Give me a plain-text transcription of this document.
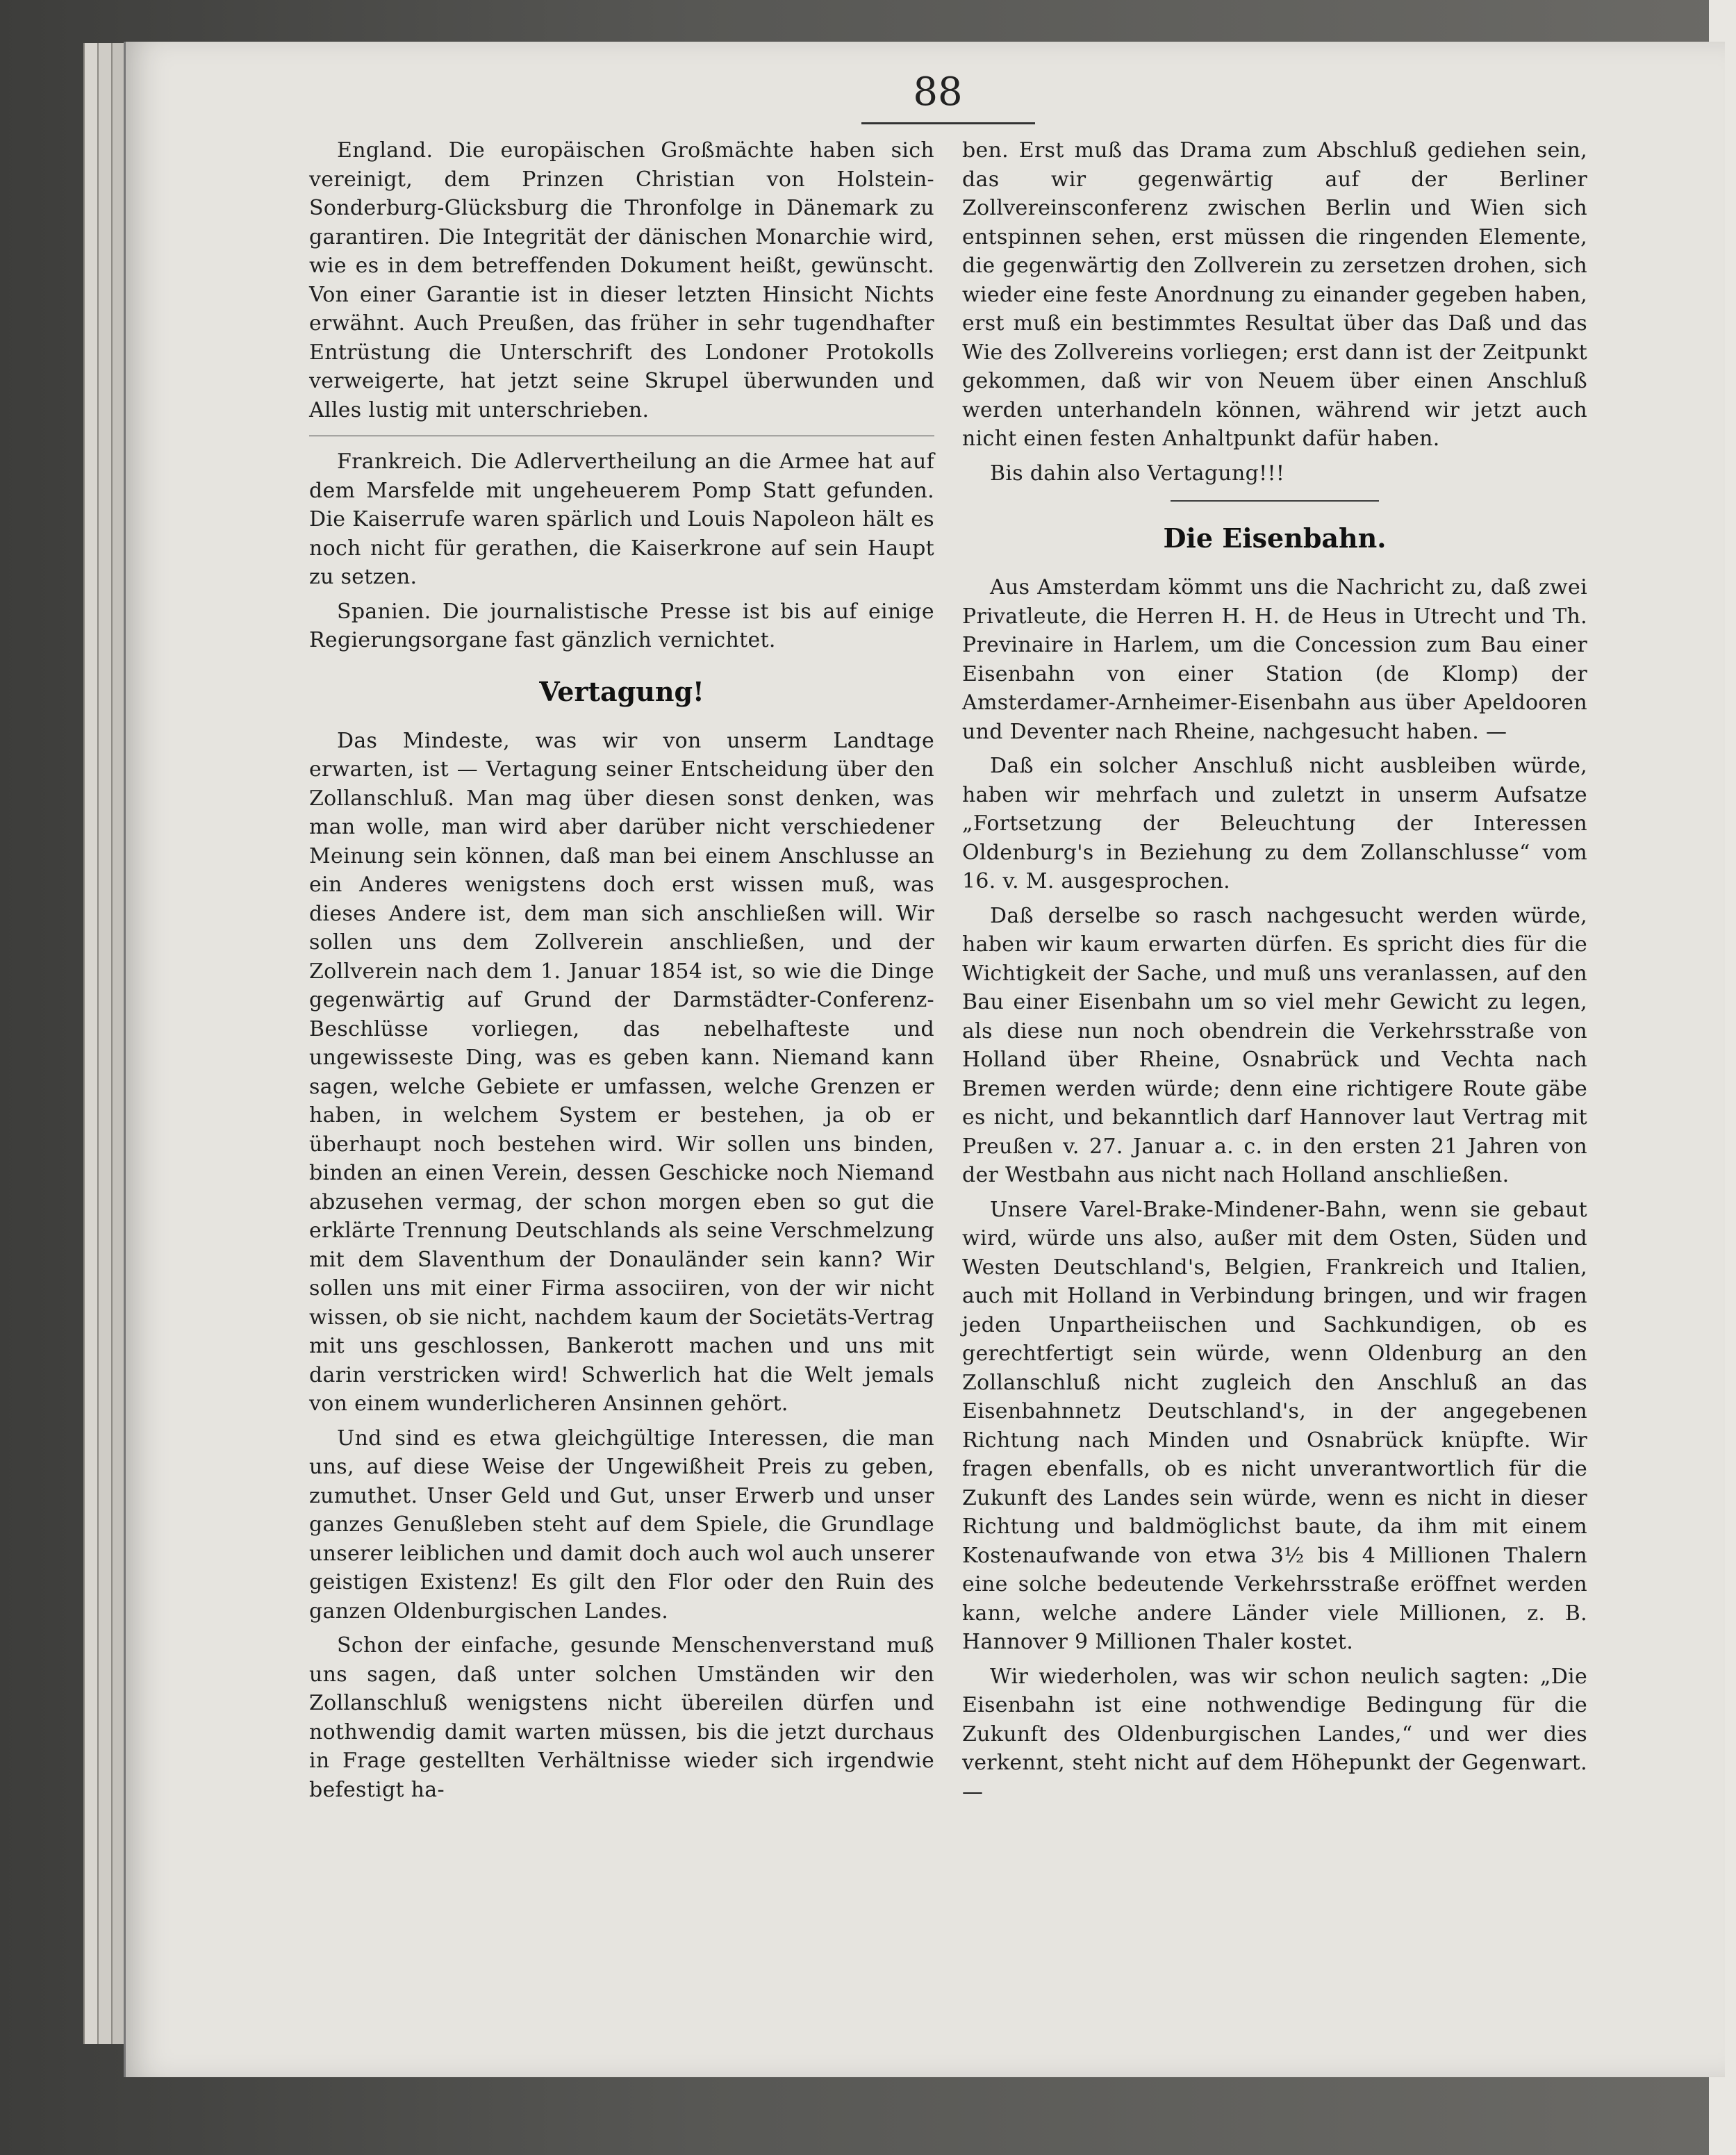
88

England. Die europäischen Großmächte haben sich vereinigt, dem Prinzen Christian von Holstein-Sonderburg-Glücksburg die Thronfolge in Dänemark zu garantiren. Die Integrität der dänischen Monarchie wird, wie es in dem betreffenden Dokument heißt, gewünscht. Von einer Garantie ist in dieser letzten Hinsicht Nichts erwähnt. Auch Preußen, das früher in sehr tugendhafter Entrüstung die Unterschrift des Londoner Protokolls verweigerte, hat jetzt seine Skrupel überwunden und Alles lustig mit unterschrieben.

Frankreich. Die Adlervertheilung an die Armee hat auf dem Marsfelde mit ungeheuerem Pomp Statt gefunden. Die Kaiserrufe waren spärlich und Louis Napoleon hält es noch nicht für gerathen, die Kaiserkrone auf sein Haupt zu setzen.

Spanien. Die journalistische Presse ist bis auf einige Regierungsorgane fast gänzlich vernichtet.

Vertagung!

Das Mindeste, was wir von unserm Landtage erwarten, ist — Vertagung seiner Entscheidung über den Zollanschluß. Man mag über diesen sonst denken, was man wolle, man wird aber darüber nicht verschiedener Meinung sein können, daß man bei einem Anschlusse an ein Anderes wenigstens doch erst wissen muß, was dieses Andere ist, dem man sich anschließen will. Wir sollen uns dem Zollverein anschließen, und der Zollverein nach dem 1. Januar 1854 ist, so wie die Dinge gegenwärtig auf Grund der Darmstädter-Conferenz-Beschlüsse vorliegen, das nebelhafteste und ungewisseste Ding, was es geben kann. Niemand kann sagen, welche Gebiete er umfassen, welche Grenzen er haben, in welchem System er bestehen, ja ob er überhaupt noch bestehen wird. Wir sollen uns binden, binden an einen Verein, dessen Geschicke noch Niemand abzusehen vermag, der schon morgen eben so gut die erklärte Trennung Deutschlands als seine Verschmelzung mit dem Slaventhum der Donauländer sein kann? Wir sollen uns mit einer Firma associiren, von der wir nicht wissen, ob sie nicht, nachdem kaum der Societäts-Vertrag mit uns geschlossen, Bankerott machen und uns mit darin verstricken wird! Schwerlich hat die Welt jemals von einem wunderlicheren Ansinnen gehört.

Und sind es etwa gleichgültige Interessen, die man uns, auf diese Weise der Ungewißheit Preis zu geben, zumuthet. Unser Geld und Gut, unser Erwerb und unser ganzes Genußleben steht auf dem Spiele, die Grundlage unserer leiblichen und damit doch auch wol auch unserer geistigen Existenz! Es gilt den Flor oder den Ruin des ganzen Oldenburgischen Landes.

Schon der einfache, gesunde Menschenverstand muß uns sagen, daß unter solchen Umständen wir den Zollanschluß wenigstens nicht übereilen dürfen und nothwendig damit warten müssen, bis die jetzt durchaus in Frage gestellten Verhältnisse wieder sich irgendwie befestigt ha-

ben. Erst muß das Drama zum Abschluß gediehen sein, das wir gegenwärtig auf der Berliner Zollvereinsconferenz zwischen Berlin und Wien sich entspinnen sehen, erst müssen die ringenden Elemente, die gegenwärtig den Zollverein zu zersetzen drohen, sich wieder eine feste Anordnung zu einander gegeben haben, erst muß ein bestimmtes Resultat über das Daß und das Wie des Zollvereins vorliegen; erst dann ist der Zeitpunkt gekommen, daß wir von Neuem über einen Anschluß werden unterhandeln können, während wir jetzt auch nicht einen festen Anhaltpunkt dafür haben.

Bis dahin also Vertagung!!!

Die Eisenbahn.

Aus Amsterdam kömmt uns die Nachricht zu, daß zwei Privatleute, die Herren H. H. de Heus in Utrecht und Th. Previnaire in Harlem, um die Concession zum Bau einer Eisenbahn von einer Station (de Klomp) der Amsterdamer-Arnheimer-Eisenbahn aus über Apeldooren und Deventer nach Rheine, nachgesucht haben. —

Daß ein solcher Anschluß nicht ausbleiben würde, haben wir mehrfach und zuletzt in unserm Aufsatze „Fortsetzung der Beleuchtung der Interessen Oldenburg's in Beziehung zu dem Zollanschlusse“ vom 16. v. M. ausgesprochen.

Daß derselbe so rasch nachgesucht werden würde, haben wir kaum erwarten dürfen. Es spricht dies für die Wichtigkeit der Sache, und muß uns veranlassen, auf den Bau einer Eisenbahn um so viel mehr Gewicht zu legen, als diese nun noch obendrein die Verkehrsstraße von Holland über Rheine, Osnabrück und Vechta nach Bremen werden würde; denn eine richtigere Route gäbe es nicht, und bekanntlich darf Hannover laut Vertrag mit Preußen v. 27. Januar a. c. in den ersten 21 Jahren von der Westbahn aus nicht nach Holland anschließen.

Unsere Varel-Brake-Mindener-Bahn, wenn sie gebaut wird, würde uns also, außer mit dem Osten, Süden und Westen Deutschland's, Belgien, Frankreich und Italien, auch mit Holland in Verbindung bringen, und wir fragen jeden Unpartheiischen und Sachkundigen, ob es gerechtfertigt sein würde, wenn Oldenburg an den Zollanschluß nicht zugleich den Anschluß an das Eisenbahnnetz Deutschland's, in der angegebenen Richtung nach Minden und Osnabrück knüpfte. Wir fragen ebenfalls, ob es nicht unverantwortlich für die Zukunft des Landes sein würde, wenn es nicht in dieser Richtung und baldmöglichst baute, da ihm mit einem Kostenaufwande von etwa 3½ bis 4 Millionen Thalern eine solche bedeutende Verkehrsstraße eröffnet werden kann, welche andere Länder viele Millionen, z. B. Hannover 9 Millionen Thaler kostet.

Wir wiederholen, was wir schon neulich sagten: „Die Eisenbahn ist eine nothwendige Bedingung für die Zukunft des Oldenburgischen Landes,“ und wer dies verkennt, steht nicht auf dem Höhepunkt der Gegenwart. —
